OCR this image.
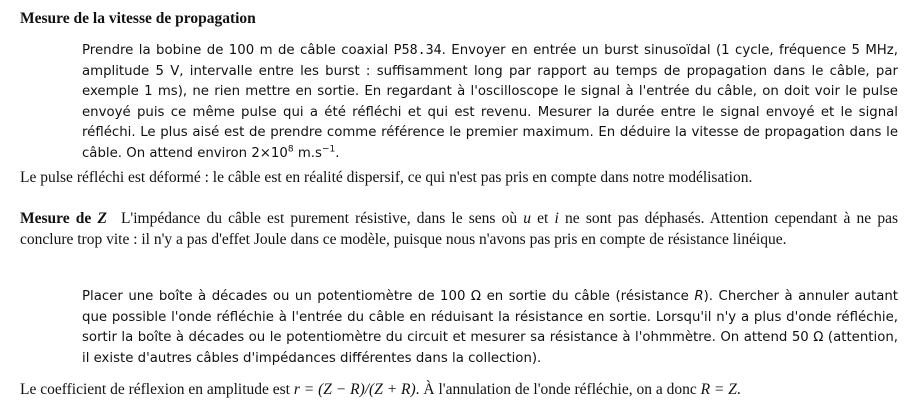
Mesure de la vitesse de propagation
Prendre la bobine de 100 m de câble coaxial P58.34. Envoyer en entrée un burst sinusoïdal (1 cycle, fréquence 5 MHz, amplitude 5 V, intervalle entre les burst : suffisamment long par rapport au temps de propagation dans le câble, par exemple 1 ms), ne rien mettre en sortie. En regardant à l'oscilloscope le signal à l'entrée du câble, on doit voir le pulse envoyé puis ce même pulse qui a été réfléchi et qui est revenu. Mesurer la durée entre le signal envoyé et le signal réfléchi. Le plus aisé est de prendre comme référence le premier maximum. En déduire la vitesse de propagation dans le câble. On attend environ $2\times 10^8$ $m.s^{-1}$.
Le pulse réfléchi est déformé : le câble est en réalité dispersif, ce qui n'est pas pris en compte dans notre modélisation.
Mesure de Z L'impédance du câble est purement résistive, dans le sens où u et i ne sont pas déphasés. Attention cependant à ne pas conclure trop vite : il n'y a pas d'effet Joule dans ce modèle, puisque nous n'avons pas pris en compte de résistance linéique.
Placer une boîte à décades ou un potentiomètre de 100 Ω en sortie du câble (résistance R). Chercher à annuler autant que possible l'onde réfléchie à l'entrée du câble en réduisant la résistance en sortie. Lorsqu'il n'y a plus d'onde réfléchie, sortir la boîte à décades ou le potentiomètre du circuit et mesurer sa résistance à l'ohmmètre. On attend 50 Ω (attention, il existe d'autres câbles d'impédances différentes dans la collection).
Le coefficient de réflexion en amplitude est r = (Z − R)/(Z + R). À l'annulation de l'onde réfléchie, on a donc R = Z.
